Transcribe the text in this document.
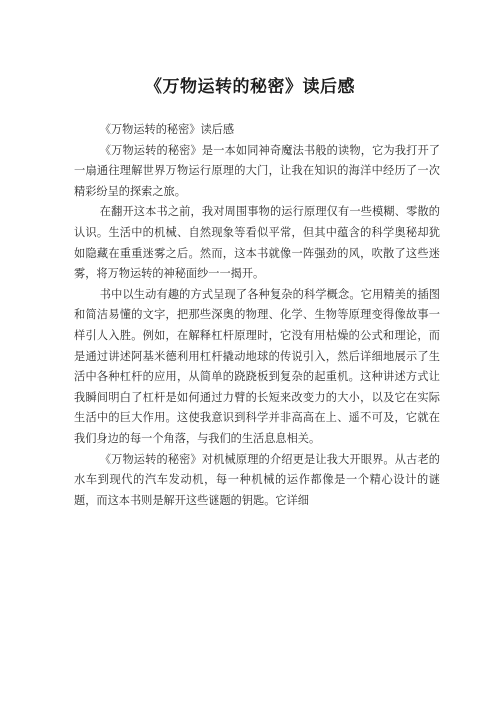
《万物运转的秘密》读后感

《万物运转的秘密》读后感

《万物运转的秘密》是一本如同神奇魔法书般的读物，它为我打开了一扇通往理解世界万物运行原理的大门，让我在知识的海洋中经历了一次精彩纷呈的探索之旅。

在翻开这本书之前，我对周围事物的运行原理仅有一些模糊、零散的认识。生活中的机械、自然现象等看似平常，但其中蕴含的科学奥秘却犹如隐藏在重重迷雾之后。然而，这本书就像一阵强劲的风，吹散了这些迷雾，将万物运转的神秘面纱一一揭开。

书中以生动有趣的方式呈现了各种复杂的科学概念。它用精美的插图和简洁易懂的文字，把那些深奥的物理、化学、生物等原理变得像故事一样引人入胜。例如，在解释杠杆原理时，它没有用枯燥的公式和理论，而是通过讲述阿基米德利用杠杆撬动地球的传说引入，然后详细地展示了生活中各种杠杆的应用，从简单的跷跷板到复杂的起重机。这种讲述方式让我瞬间明白了杠杆是如何通过力臂的长短来改变力的大小，以及它在实际生活中的巨大作用。这使我意识到科学并非高高在上、遥不可及，它就在我们身边的每一个角落，与我们的生活息息相关。

《万物运转的秘密》对机械原理的介绍更是让我大开眼界。从古老的水车到现代的汽车发动机，每一种机械的运作都像是一个精心设计的谜题，而这本书则是解开这些谜题的钥匙。它详细
